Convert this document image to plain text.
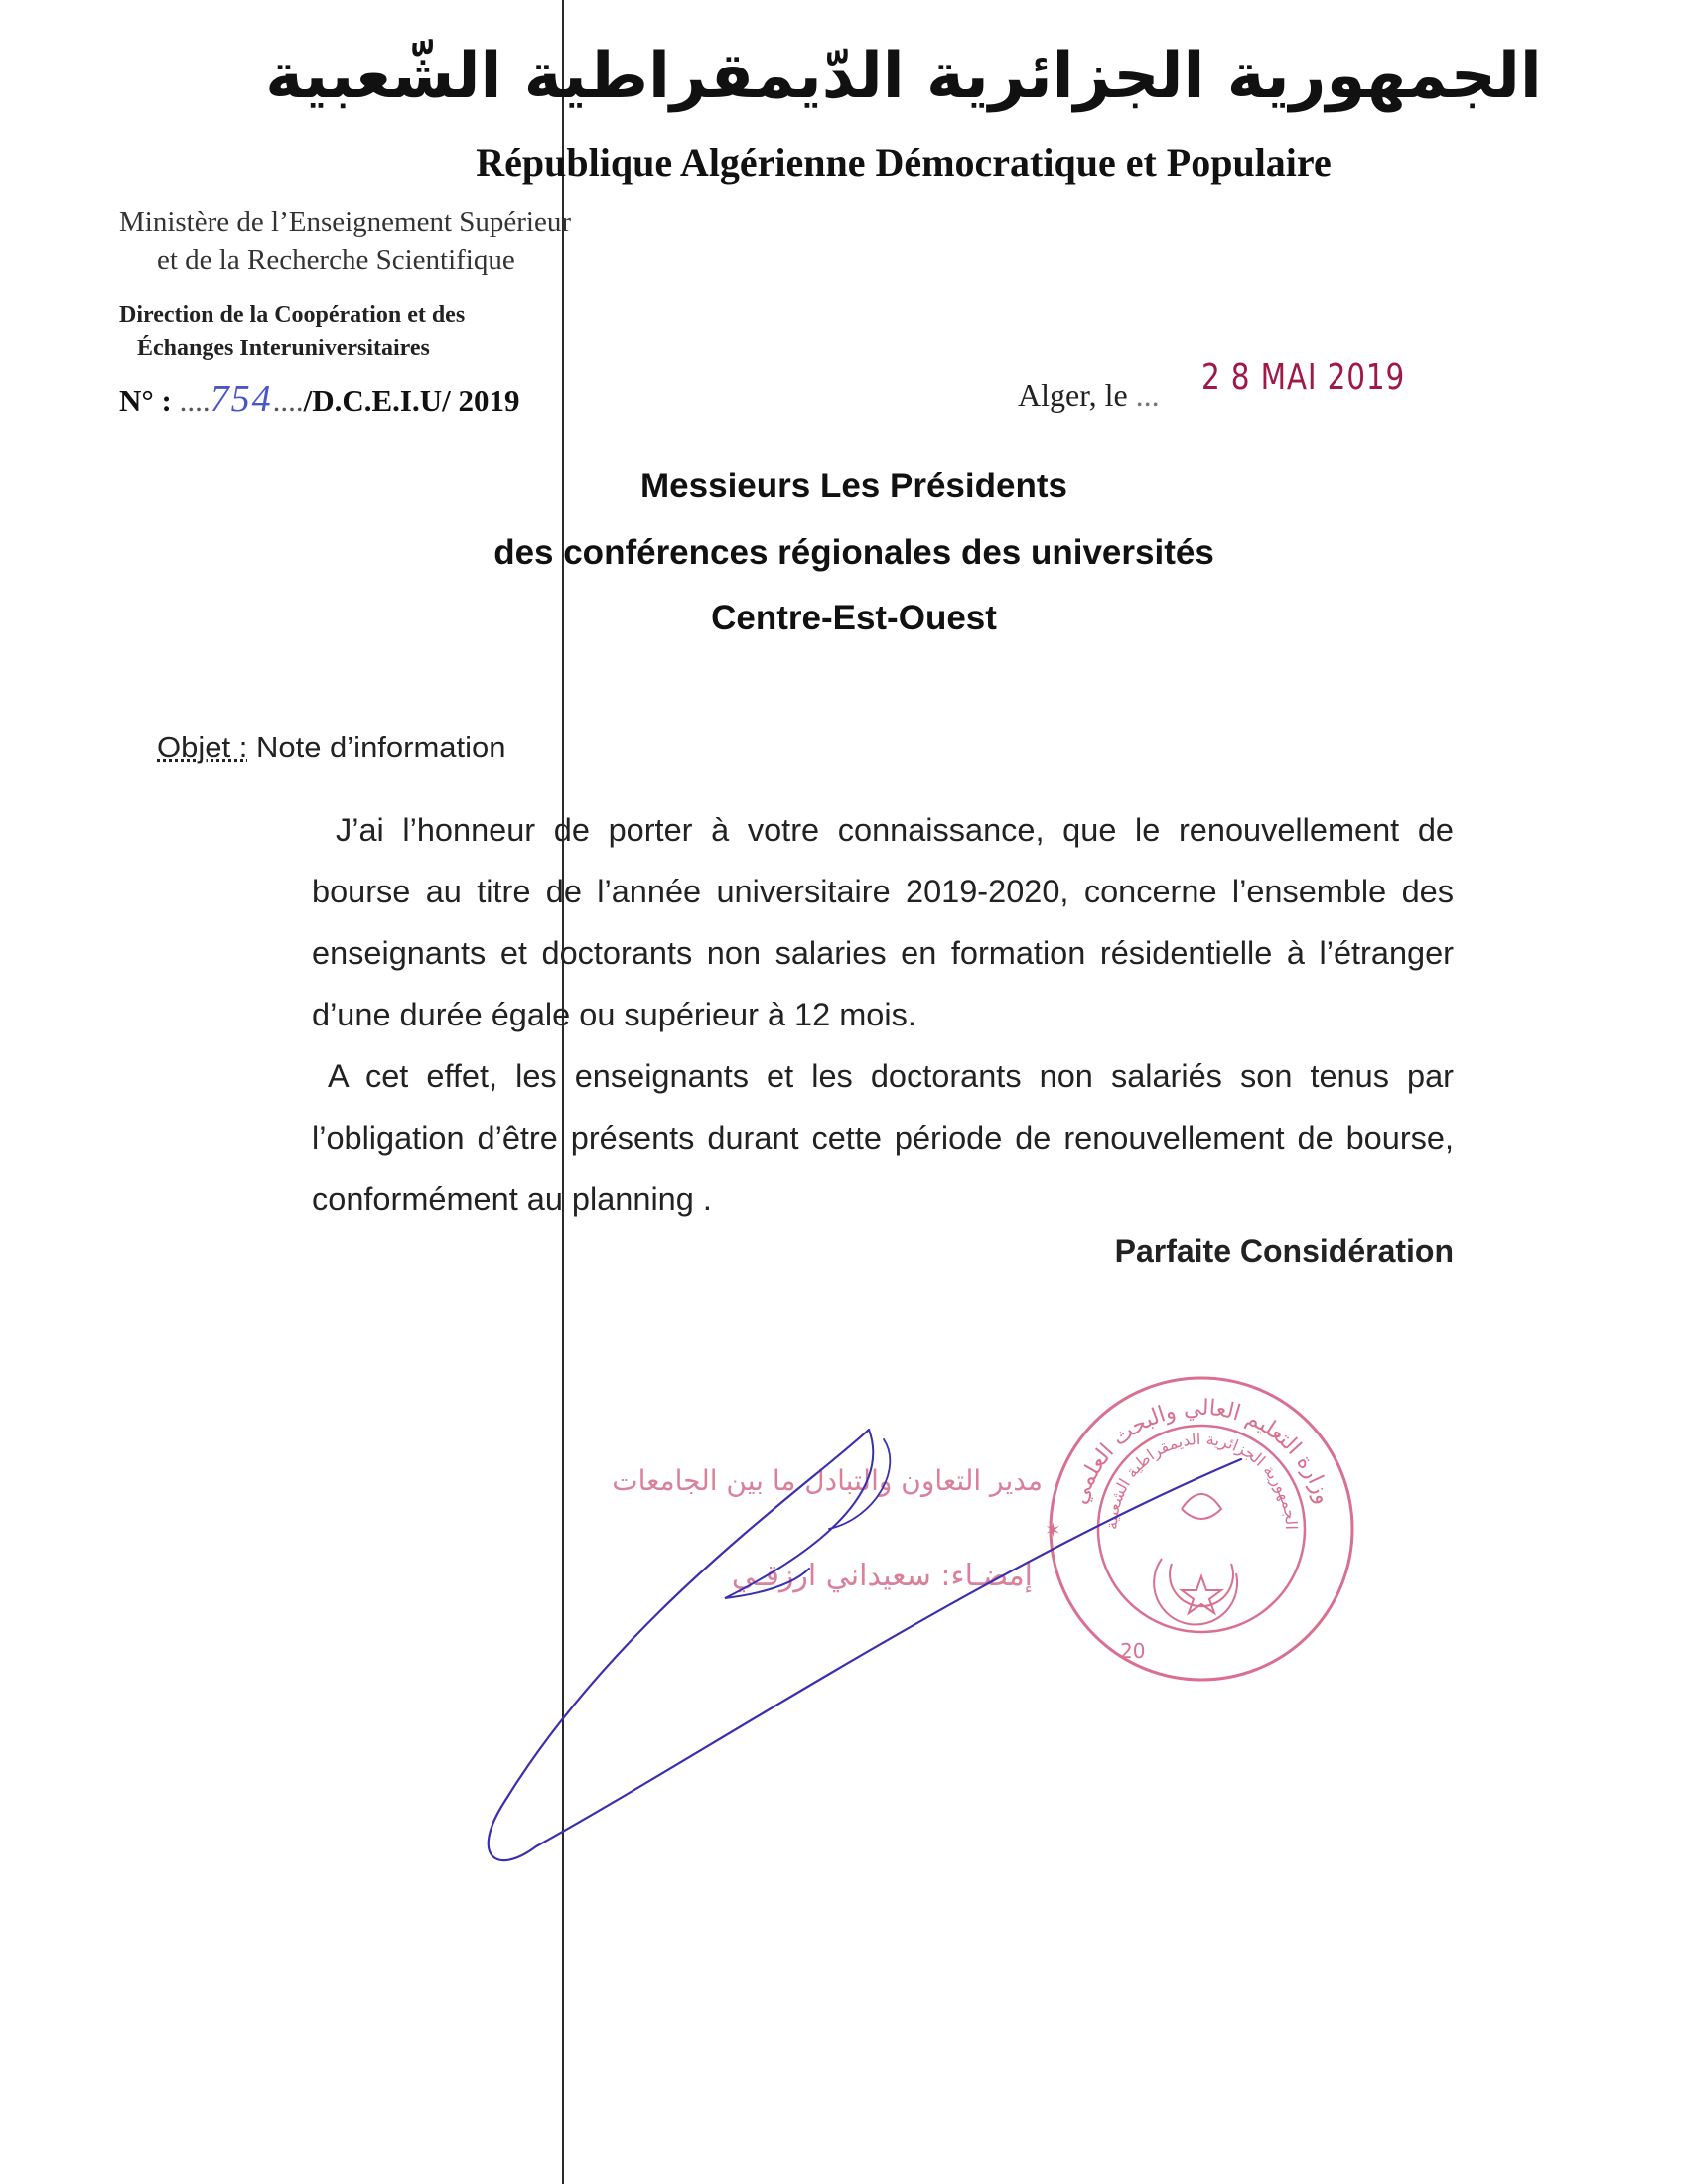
الجمهورية الجزائرية الدّيمقراطية الشّعبية
République Algérienne Démocratique et Populaire
Ministère de l’Enseignement Supérieur
et de la Recherche Scientifique
Direction de la Coopération et des
Échanges Interuniversitaires
N° : ....754..../D.C.E.I.U/ 2019	Alger, le ... 2 8 MAI 2019
Messieurs Les Présidents
des conférences régionales des universités
Centre-Est-Ouest
Objet : Note d’information

J’ai l’honneur de porter à votre connaissance, que le renouvellement de bourse au titre de l’année universitaire 2019-2020, concerne l’ensemble des enseignants et doctorants non salaries en formation résidentielle à l’étranger d’une durée égale ou supérieur à 12 mois.

A cet effet, les enseignants et les doctorants non salariés son tenus par l’obligation d’être présents durant cette période de renouvellement de bourse, conformément au planning .

Parfaite Considération
وزارة التعليم العالي والبحث العلمي
الجمهورية الجزائرية الديمقراطية الشعبية
20
✶
مدير التعاون والتبادل ما بين الجامعات
إمضـاء: سعيداني ارزقـي
